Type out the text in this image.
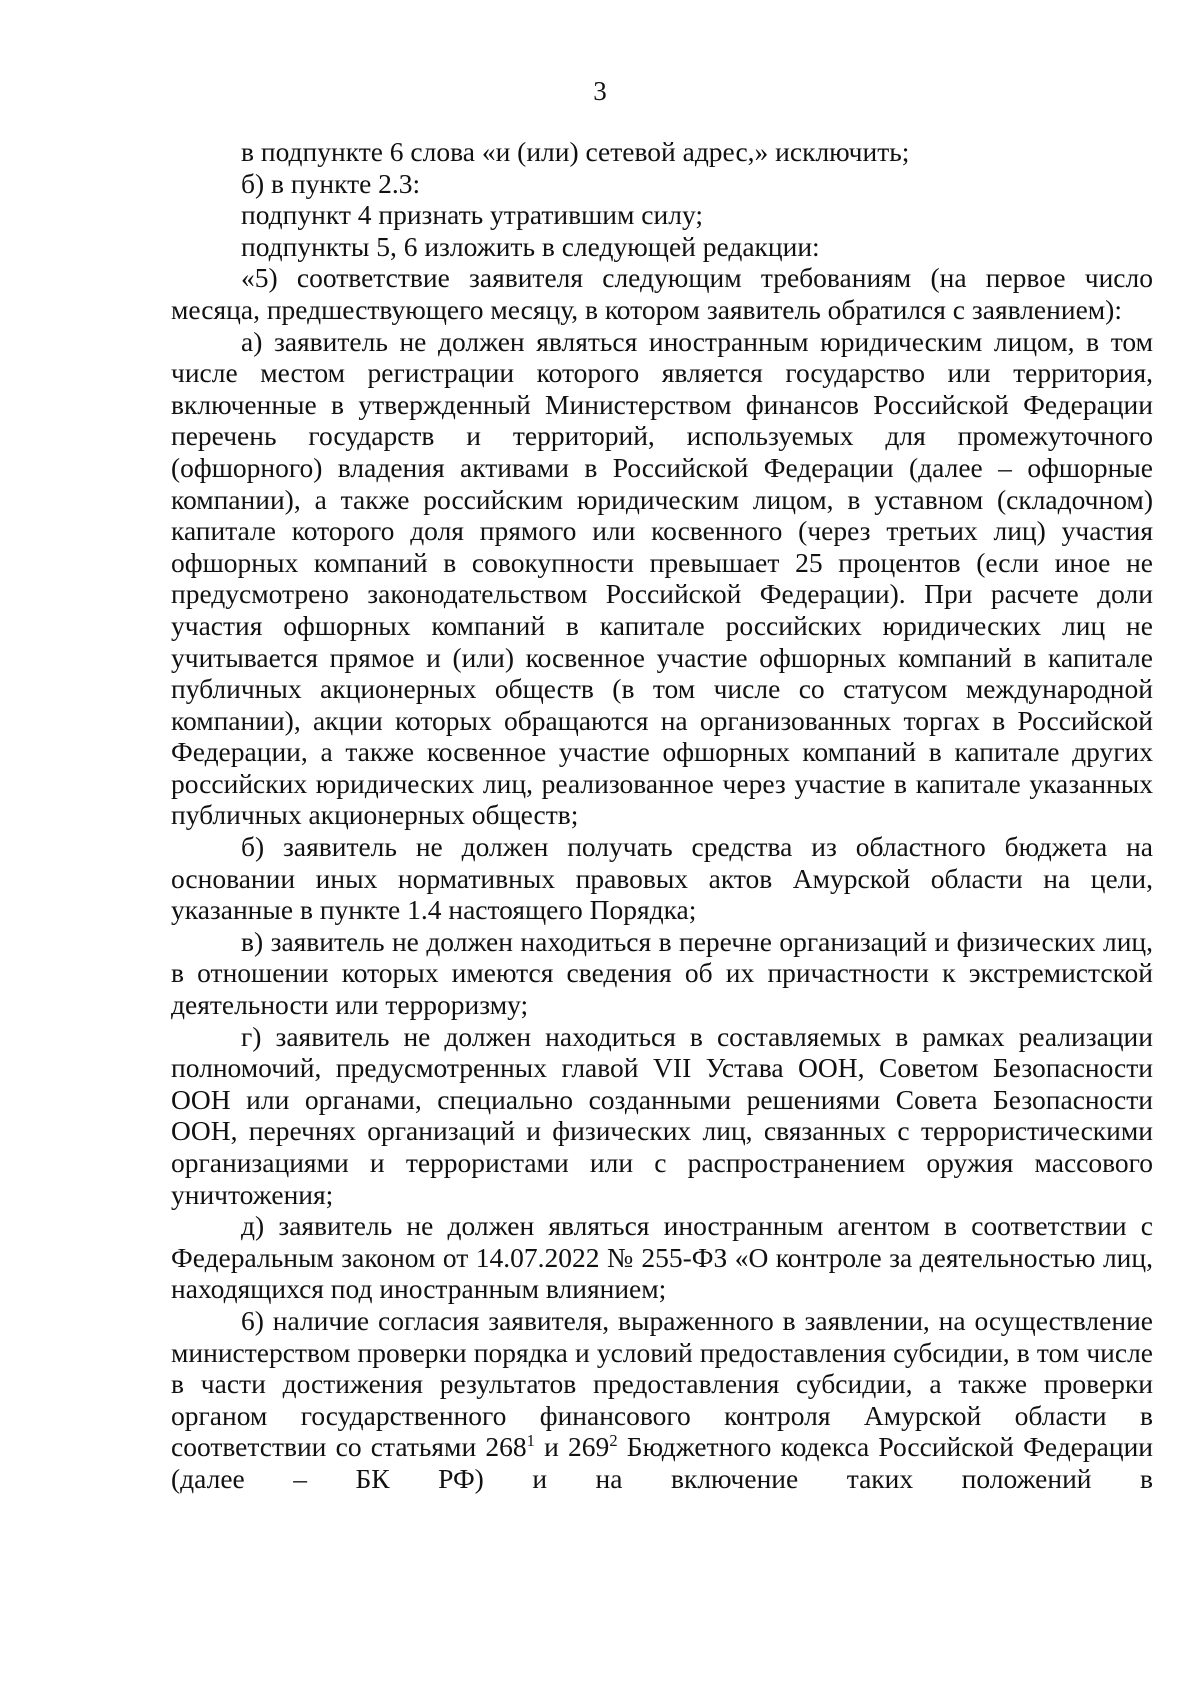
3

в подпункте 6 слова «и (или) сетевой адрес,» исключить;

б) в пункте 2.3:

подпункт 4 признать утратившим силу;

подпункты 5, 6 изложить в следующей редакции:

«5) соответствие заявителя следующим требованиям (на первое число месяца, предшествующего месяцу, в котором заявитель обратился с заявлением):

а) заявитель не должен являться иностранным юридическим лицом, в том числе местом регистрации которого является государство или территория, включенные в утвержденный Министерством финансов Российской Федерации перечень государств и территорий, используемых для промежуточного (офшорного) владения активами в Российской Федерации (далее – офшорные компании), а также российским юридическим лицом, в уставном (складочном) капитале которого доля прямого или косвенного (через третьих лиц) участия офшорных компаний в совокупности превышает 25 процентов (если иное не предусмотрено законодательством Российской Федерации). При расчете доли участия офшорных компаний в капитале российских юридических лиц не учитывается прямое и (или) косвенное участие офшорных компаний в капитале публичных акционерных обществ (в том числе со статусом международной компании), акции которых обращаются на организованных торгах в Российской Федерации, а также косвенное участие офшорных компаний в капитале других российских юридических лиц, реализованное через участие в капитале указанных публичных акционерных обществ;

б) заявитель не должен получать средства из областного бюджета на основании иных нормативных правовых актов Амурской области на цели, указанные в пункте 1.4 настоящего Порядка;

в) заявитель не должен находиться в перечне организаций и физических лиц, в отношении которых имеются сведения об их причастности к экстремистской деятельности или терроризму;

г) заявитель не должен находиться в составляемых в рамках реализации полномочий, предусмотренных главой VII Устава ООН, Советом Безопасности ООН или органами, специально созданными решениями Совета Безопасности ООН, перечнях организаций и физических лиц, связанных с террористическими организациями и террористами или с распространением оружия массового уничтожения;

д) заявитель не должен являться иностранным агентом в соответствии с Федеральным законом от 14.07.2022 № 255-ФЗ «О контроле за деятельностью лиц, находящихся под иностранным влиянием;

6) наличие согласия заявителя, выраженного в заявлении, на осуществление министерством проверки порядка и условий предоставления субсидии, в том числе в части достижения результатов предоставления субсидии, а также проверки органом государственного финансового контроля Амурской области в соответствии со статьями $268^1$ и $269^2$ Бюджетного кодекса Российской Федерации (далее – БК РФ) и на включение таких положений в
